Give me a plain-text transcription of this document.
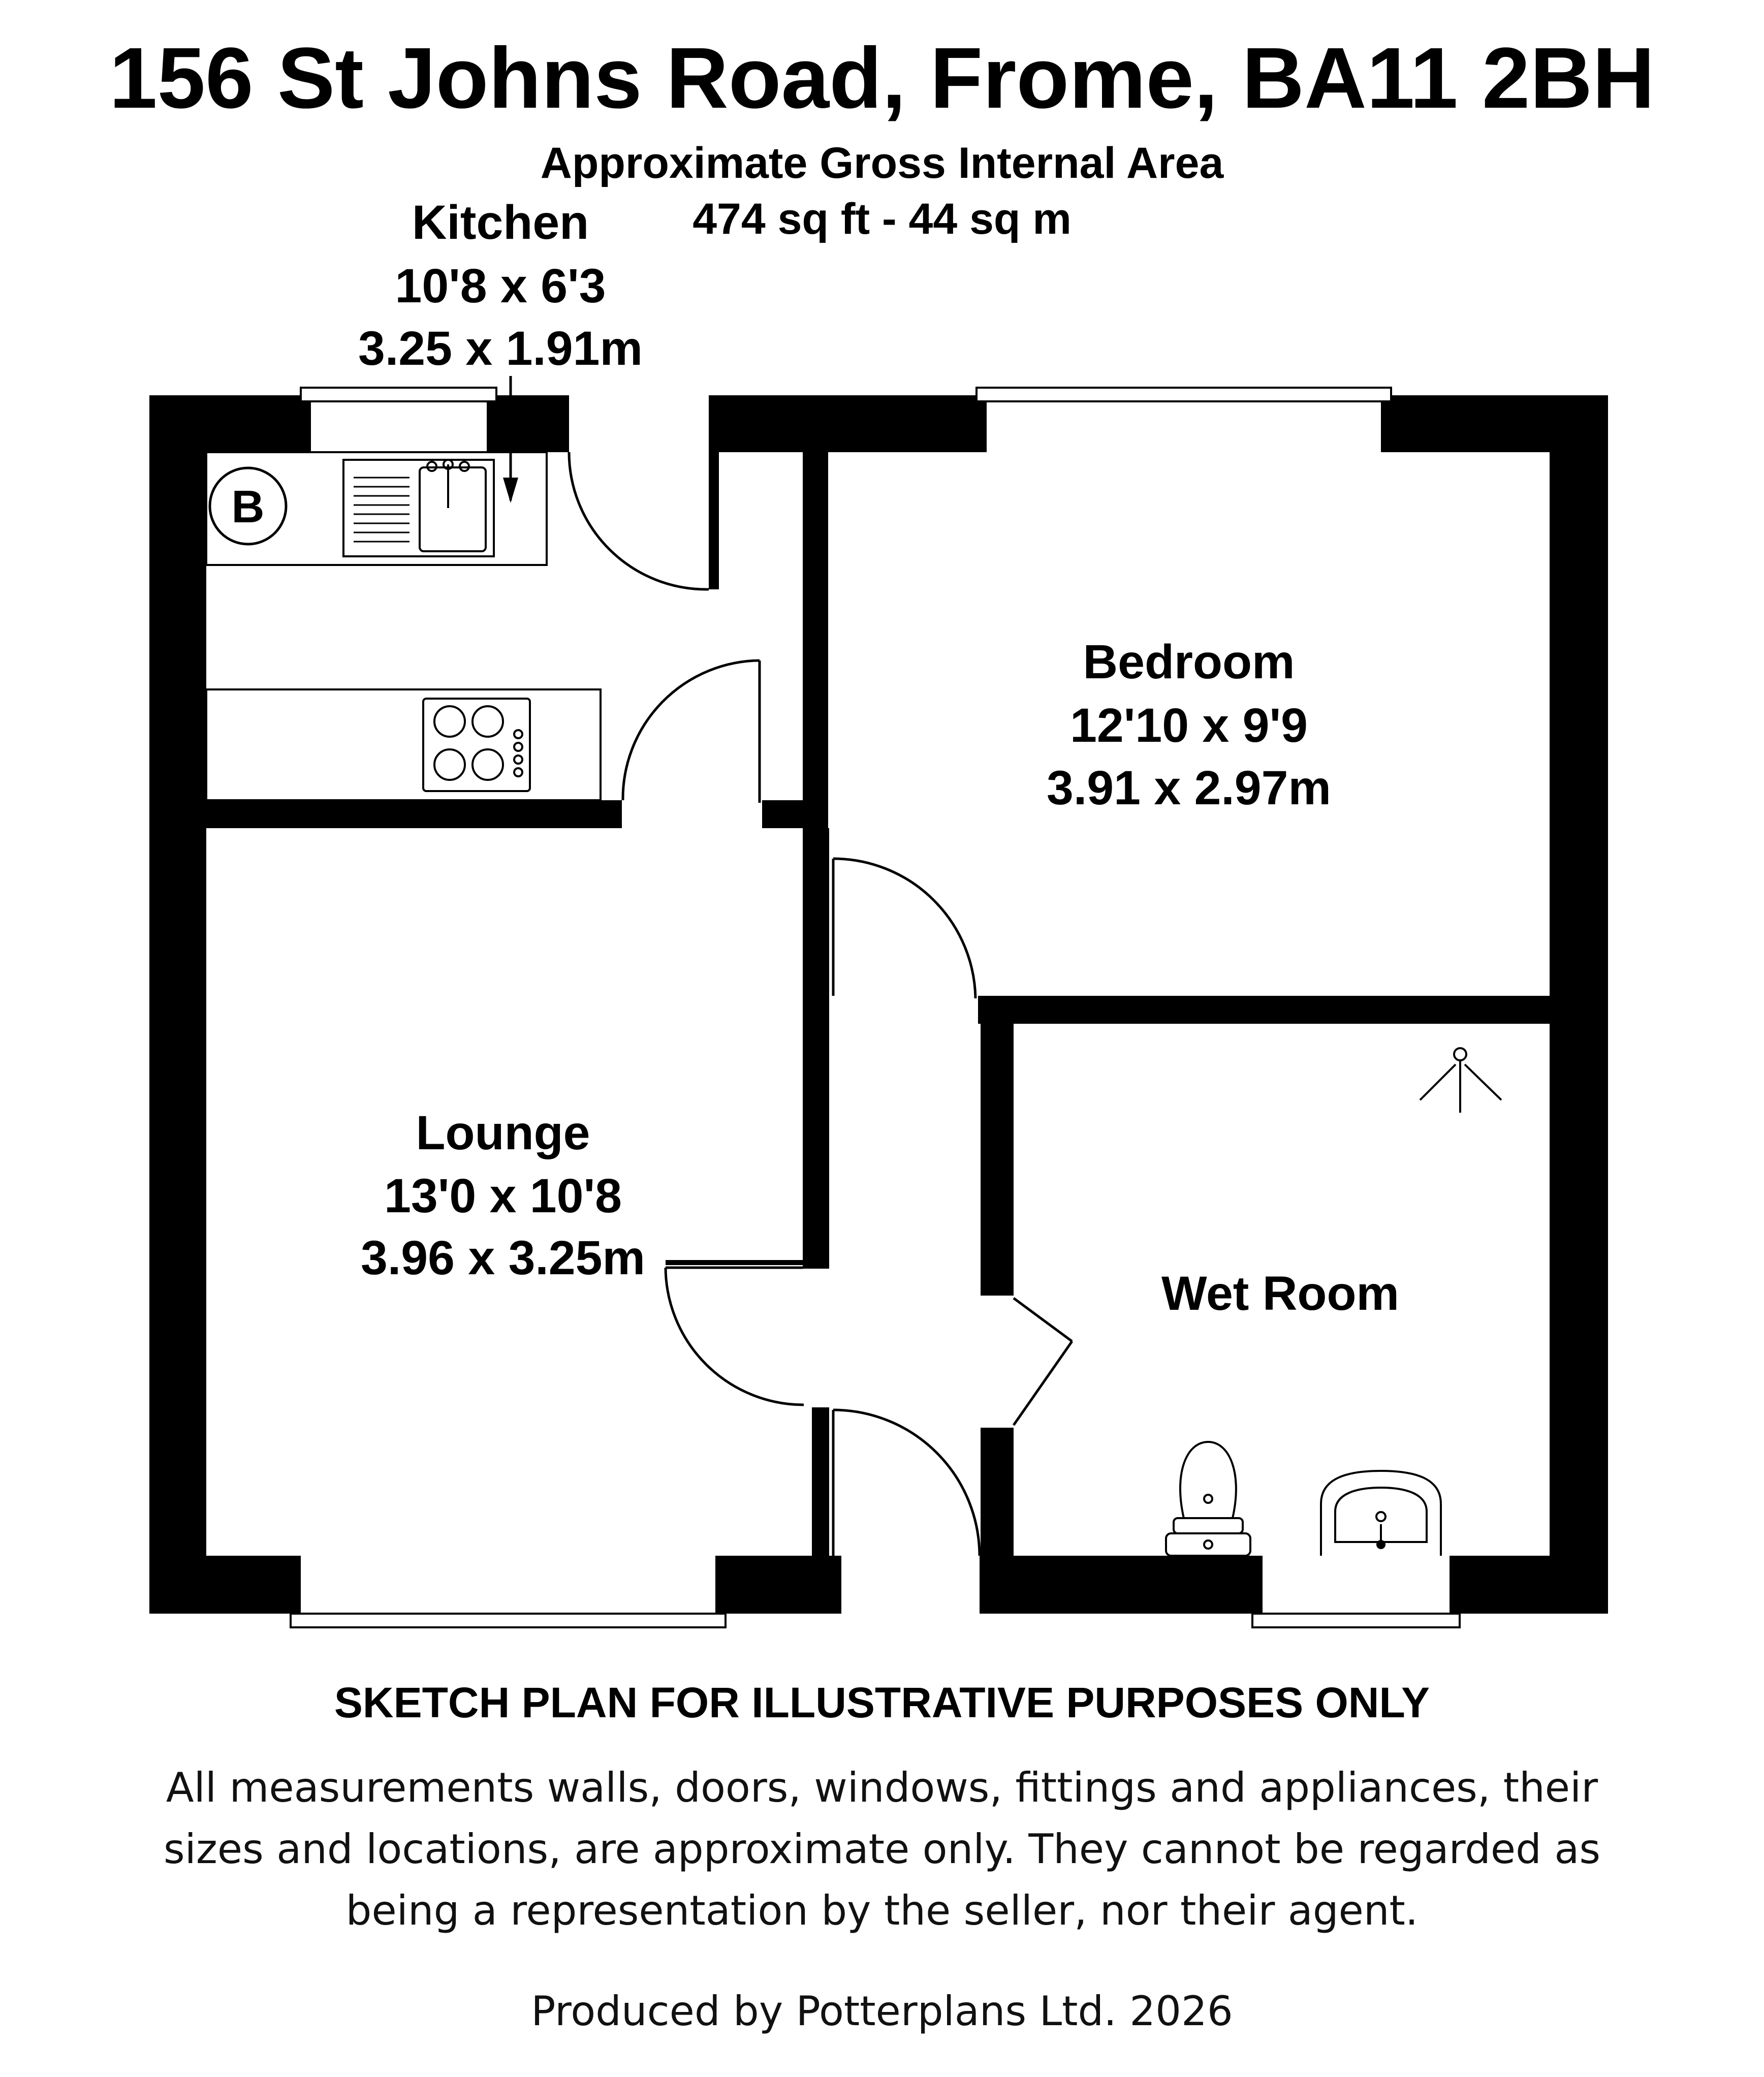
156 St Johns Road, Frome, BA11 2BH
Approximate Gross Internal Area
474 sq ft - 44 sq m
Kitchen
10'8 x 6'3
3.25 x 1.91m
B
Bedroom
12'10 x 9'9
3.91 x 2.97m
Lounge
13'0 x 10'8
3.96 x 3.25m
Wet Room
SKETCH PLAN FOR ILLUSTRATIVE PURPOSES ONLY
All measurements walls, doors, windows, fittings and appliances, their
sizes and locations, are approximate only. They cannot be regarded as
being a representation by the seller, nor their agent.
Produced by Potterplans Ltd. 2026
